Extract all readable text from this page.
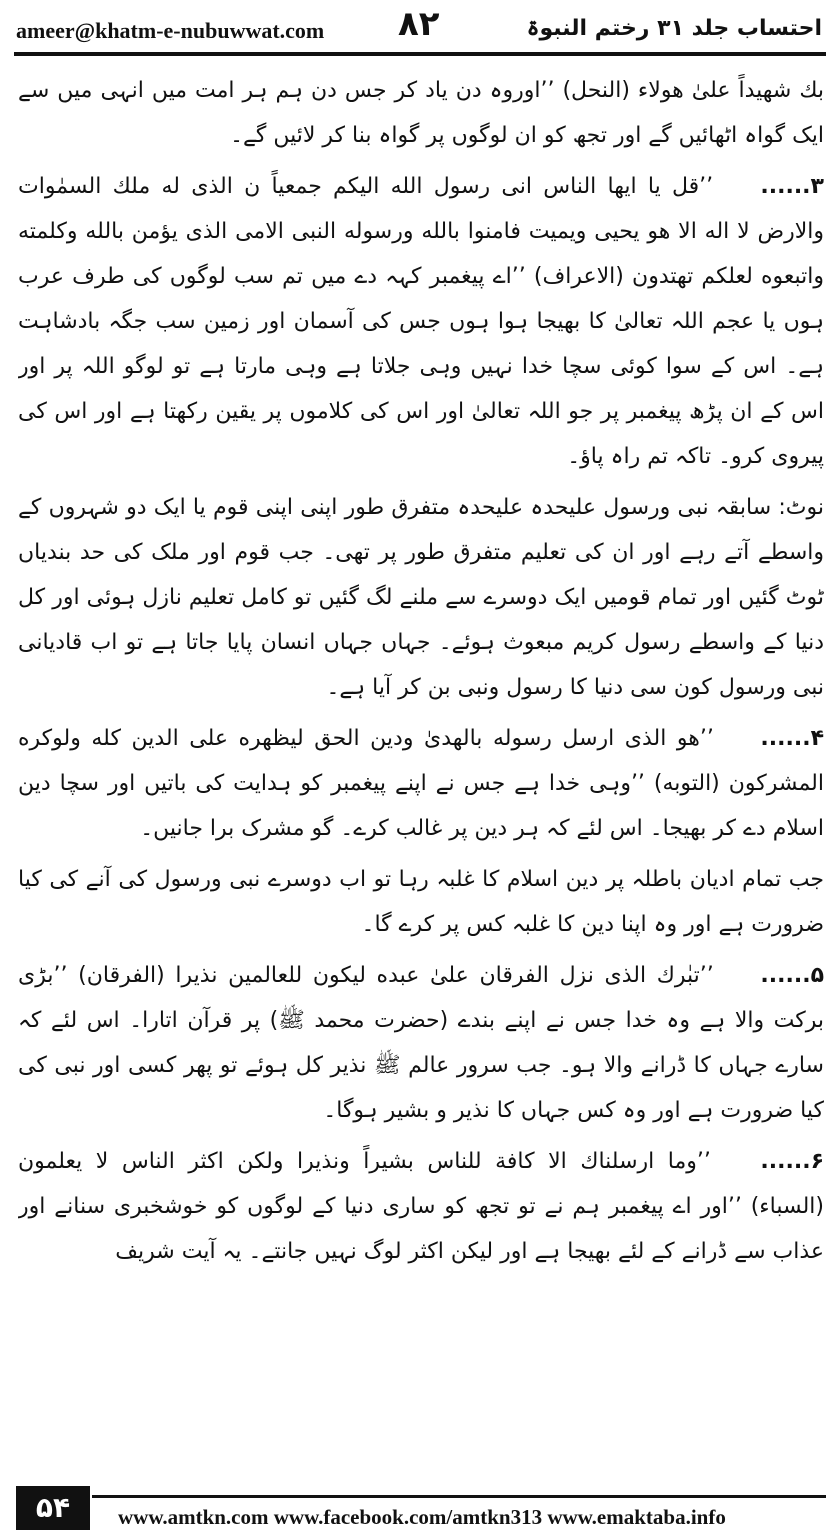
ameer@khatm-e-nubuwwat.com ۸۲	احتساب جلد ۳۱ رختم النبوۃ

بك شهيداً علىٰ هولاء (النحل) ’’اوروہ دن یاد کر جس دن ہم ہر امت میں انہی میں سے ایک گواہ اٹھائیں گے اور تجھ کو ان لوگوں پر گواہ بنا کر لائیں گے۔

۳...... ’’قل يا ايها الناس انى رسول الله اليكم جمعياً ن الذى له ملك السمٰوات والارض لا اله الا هو يحيى ويميت فامنوا بالله ورسوله النبى الامى الذى يؤمن بالله وكلمته واتبعوه لعلكم تهتدون (الاعراف) ’’اے پیغمبر کہہ دے میں تم سب لوگوں کی طرف عرب ہوں یا عجم اللہ تعالیٰ کا بھیجا ہوا ہوں جس کی آسمان اور زمین سب جگہ بادشاہت ہے۔ اس کے سوا کوئی سچا خدا نہیں وہی جلاتا ہے وہی مارتا ہے تو لوگو اللہ پر اور اس کے ان پڑھ پیغمبر پر جو اللہ تعالیٰ اور اس کی کلاموں پر یقین رکھتا ہے اور اس کی پیروی کرو۔ تاکہ تم راہ پاؤ۔

نوٹ: سابقہ نبی ورسول علیحدہ علیحدہ متفرق طور اپنی اپنی قوم یا ایک دو شہروں کے واسطے آتے رہے اور ان کی تعلیم متفرق طور پر تھی۔ جب قوم اور ملک کی حد بندیاں ٹوٹ گئیں اور تمام قومیں ایک دوسرے سے ملنے لگ گئیں تو کامل تعلیم نازل ہوئی اور کل دنیا کے واسطے رسول کریم مبعوث ہوئے۔ جہاں جہاں انسان پایا جاتا ہے تو اب قادیانی نبی ورسول کون سی دنیا کا رسول ونبی بن کر آیا ہے۔

۴...... ’’هو الذى ارسل رسوله بالهدىٰ ودين الحق ليظهره على الدين كله ولوكره المشركون (التوبه) ’’وہی خدا ہے جس نے اپنے پیغمبر کو ہدایت کی باتیں اور سچا دین اسلام دے کر بھیجا۔ اس لئے کہ ہر دین پر غالب کرے۔ گو مشرک برا جانیں۔

جب تمام ادیان باطلہ پر دین اسلام کا غلبہ رہا تو اب دوسرے نبی ورسول کی آنے کی کیا ضرورت ہے اور وہ اپنا دین کا غلبہ کس پر کرے گا۔

۵...... ’’تبٰرك الذى نزل الفرقان علىٰ عبده ليكون للعالمين نذيرا (الفرقان) ’’بڑی برکت والا ہے وہ خدا جس نے اپنے بندے (حضرت محمد ﷺ) پر قرآن اتارا۔ اس لئے کہ سارے جہاں کا ڈرانے والا ہو۔ جب سرور عالم ﷺ نذیر کل ہوئے تو پھر کسی اور نبی کی کیا ضرورت ہے اور وہ کس جہاں کا نذیر و بشیر ہوگا۔

۶...... ’’وما ارسلناك الا كافة للناس بشيراً ونذيرا ولكن اكثر الناس لا يعلمون (السباء) ’’اور اے پیغمبر ہم نے تو تجھ کو ساری دنیا کے لوگوں کو خوشخبری سنانے اور عذاب سے ڈرانے کے لئے بھیجا ہے اور لیکن اکثر لوگ نہیں جانتے۔ یہ آیت شریف

۵۴	www.amtkn.com www.facebook.com/amtkn313 www.emaktaba.info
